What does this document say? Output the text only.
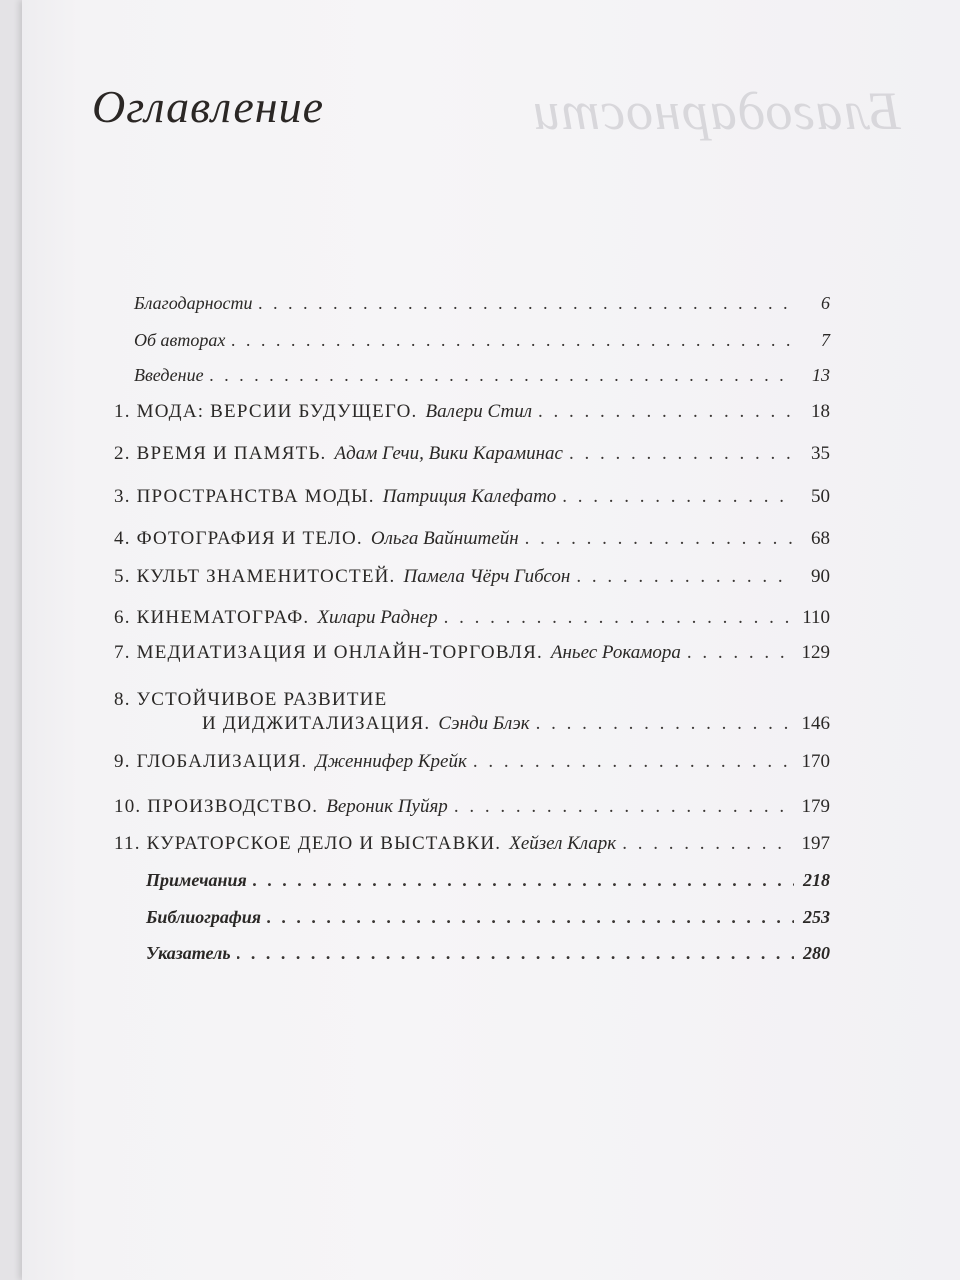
Благодарности
Оглавление
Благодарности . . .	6
Об авторах . . .	7
Введение . . .	13
1. МОДА: ВЕРСИИ БУДУЩЕГО. Валери Стил . . .	18
2. ВРЕМЯ И ПАМЯТЬ. Адам Гечи, Вики Караминас . . .	35
3. ПРОСТРАНСТВА МОДЫ. Патриция Калефато . . .	50
4. ФОТОГРАФИЯ И ТЕЛО. Ольга Вайнштейн . . .	68
5. КУЛЬТ ЗНАМЕНИТОСТЕЙ. Памела Чёрч Гибсон . . .	90
6. КИНЕМАТОГРАФ. Хилари Раднер . . .	110
7. МЕДИАТИЗАЦИЯ И ОНЛАЙН-ТОРГОВЛЯ. Аньес Рокамора . . .	129
8. УСТОЙЧИВОЕ РАЗВИТИЕ
И ДИДЖИТАЛИЗАЦИЯ. Сэнди Блэк . . .	146
9. ГЛОБАЛИЗАЦИЯ. Дженнифер Крейк . . .	170
10. ПРОИЗВОДСТВО. Вероник Пуйяр . . .	179
11. КУРАТОРСКОЕ ДЕЛО И ВЫСТАВКИ. Хейзел Кларк . . .	197
Примечания . . .	218
Библиография . . .	253
Указатель . . .	280
